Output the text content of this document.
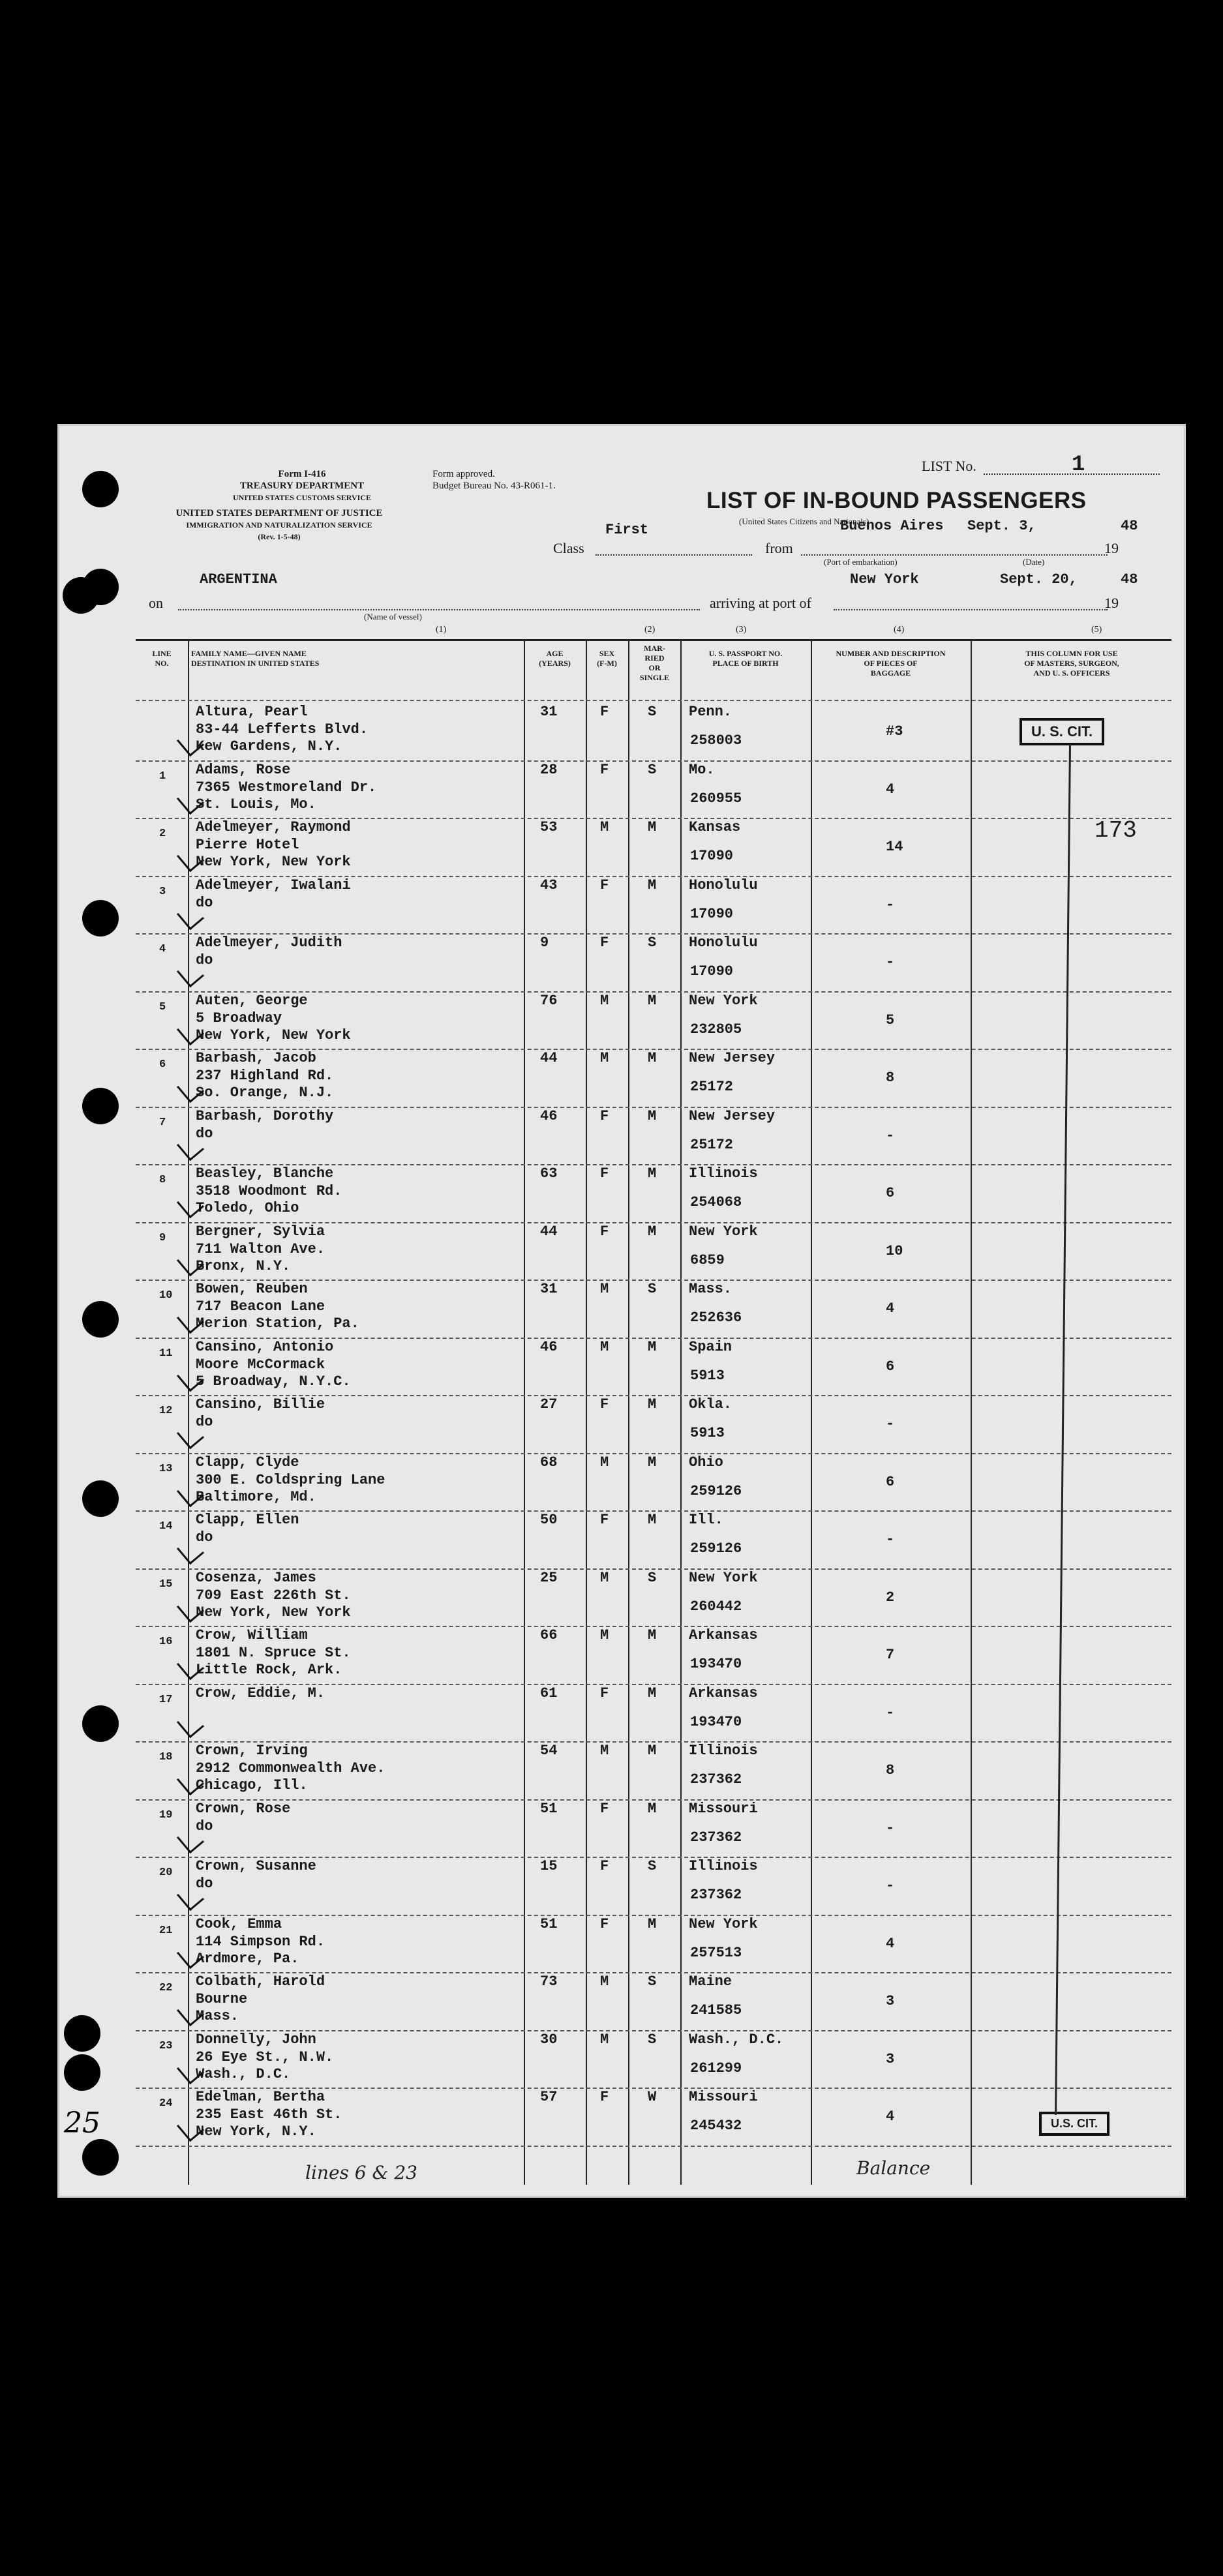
Form I-416
TREASURY DEPARTMENT
UNITED STATES CUSTOMS SERVICE
UNITED STATES DEPARTMENT OF JUSTICE
IMMIGRATION AND NATURALIZATION SERVICE
(Rev. 1-5-48)
Form approved.
Budget Bureau No. 43-R061-1.
LIST No.	1
LIST OF IN-BOUND PASSENGERS
(United States Citizens and Nationals)
Class
First
from
Buenos Aires Sept. 3,	48
19
(Port of embarkation)	(Date)
on
ARGENTINA
(Name of vessel)
arriving at port of
New York	Sept. 20,	48
19
(1)	(2)	(3)	(4)	(5)
LINE
NO.
FAMILY NAME—GIVEN NAME
DESTINATION IN UNITED STATES
AGE
(YEARS)
SEX
(F-M)
MAR-
RIED
OR
SINGLE
U. S. PASSPORT NO.
PLACE OF BIRTH
NUMBER AND DESCRIPTION
OF PIECES OF
BAGGAGE
THIS COLUMN FOR USE
OF MASTERS, SURGEON,
AND U. S. OFFICERS
Altura, Pearl
83-44 Lefferts Blvd.
Kew Gardens, N.Y.
31	F	S Penn.
258003
#3
1 Adams, Rose
7365 Westmoreland Dr.
St. Louis, Mo.
28	F	S Mo.
260955
4
2 Adelmeyer, Raymond
Pierre Hotel
New York, New York
53	M	M Kansas
17090
14
3 Adelmeyer, Iwalani
do
43	F	M Honolulu
17090
-
4 Adelmeyer, Judith
do
9	F	S Honolulu
17090
-
5 Auten, George
5 Broadway
New York, New York
76	M	M New York
232805
5
6 Barbash, Jacob
237 Highland Rd.
So. Orange, N.J.
44	M	M New Jersey
25172
8
7 Barbash, Dorothy
do
46	F	M New Jersey
25172
-
8 Beasley, Blanche
3518 Woodmont Rd.
Toledo, Ohio
63	F	M Illinois
254068
6
9 Bergner, Sylvia
711 Walton Ave.
Bronx, N.Y.
44	F	M New York
6859
10
10 Bowen, Reuben
717 Beacon Lane
Merion Station, Pa.
31	M	S Mass.
252636
4
11 Cansino, Antonio
Moore McCormack
5 Broadway, N.Y.C.
46	M	M Spain
5913
6
12 Cansino, Billie
do
27	F	M Okla.
5913
-
13 Clapp, Clyde
300 E. Coldspring Lane
Baltimore, Md.
68	M	M Ohio
259126
6
14 Clapp, Ellen
do
50	F	M Ill.
259126
-
15 Cosenza, James
709 East 226th St.
New York, New York
25	M	S New York
260442
2
16 Crow, William
1801 N. Spruce St.
Little Rock, Ark.
66	M	M Arkansas
193470
7
17 Crow, Eddie, M.	61	F	M Arkansas
193470
-
18 Crown, Irving
2912 Commonwealth Ave.
Chicago, Ill.
54	M	M Illinois
237362
8
19 Crown, Rose
do
51	F	M Missouri
237362
-
20 Crown, Susanne
do
15	F	S Illinois
237362
-
21 Cook, Emma
114 Simpson Rd.
Ardmore, Pa.
51	F	M New York
257513
4
22 Colbath, Harold
Bourne
Mass.
73	M	S Maine
241585
3
23 Donnelly, John
26 Eye St., N.W.
Wash., D.C.
30	M	S Wash., D.C.
261299
3
24 Edelman, Bertha
235 East 46th St.
New York, N.Y.
57	F	W Missouri
245432
4
U. S. CIT.
U.S. CIT.
173
lines 6 & 23	Balance
25
